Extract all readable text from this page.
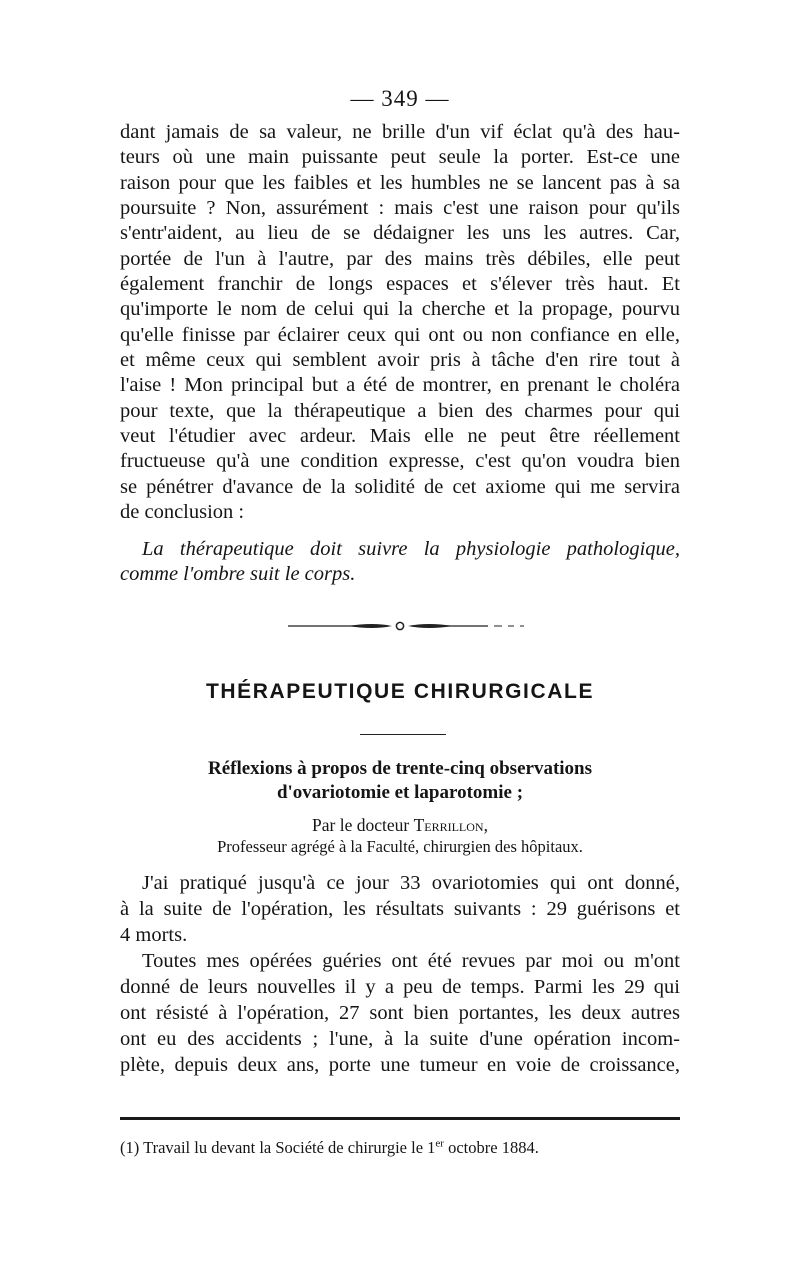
— 349 —
dant jamais de sa valeur, ne brille d'un vif éclat qu'à des hau-
teurs où une main puissante peut seule la porter. Est-ce une
raison pour que les faibles et les humbles ne se lancent pas à sa
poursuite ? Non, assurément : mais c'est une raison pour qu'ils
s'entr'aident, au lieu de se dédaigner les uns les autres. Car,
portée de l'un à l'autre, par des mains très débiles, elle peut
également franchir de longs espaces et s'élever très haut. Et
qu'importe le nom de celui qui la cherche et la propage, pourvu
qu'elle finisse par éclairer ceux qui ont ou non confiance en elle,
et même ceux qui semblent avoir pris à tâche d'en rire tout à
l'aise ! Mon principal but a été de montrer, en prenant le choléra
pour texte, que la thérapeutique a bien des charmes pour qui
veut l'étudier avec ardeur. Mais elle ne peut être réellement
fructueuse qu'à une condition expresse, c'est qu'on voudra bien
se pénétrer d'avance de la solidité de cet axiome qui me servira
de conclusion :
La thérapeutique doit suivre la physiologie pathologique,
comme l'ombre suit le corps.
THÉRAPEUTIQUE CHIRURGICALE
Réflexions à propos de trente-cinq observations
d'ovariotomie et laparotomie ;
Par le docteur Terrillon,
Professeur agrégé à la Faculté, chirurgien des hôpitaux.
J'ai pratiqué jusqu'à ce jour 33 ovariotomies qui ont donné,
à la suite de l'opération, les résultats suivants : 29 guérisons et
4 morts.
Toutes mes opérées guéries ont été revues par moi ou m'ont
donné de leurs nouvelles il y a peu de temps. Parmi les 29 qui
ont résisté à l'opération, 27 sont bien portantes, les deux autres
ont eu des accidents ; l'une, à la suite d'une opération incom-
plète, depuis deux ans, porte une tumeur en voie de croissance,
(1) Travail lu devant la Société de chirurgie le 1er octobre 1884.
